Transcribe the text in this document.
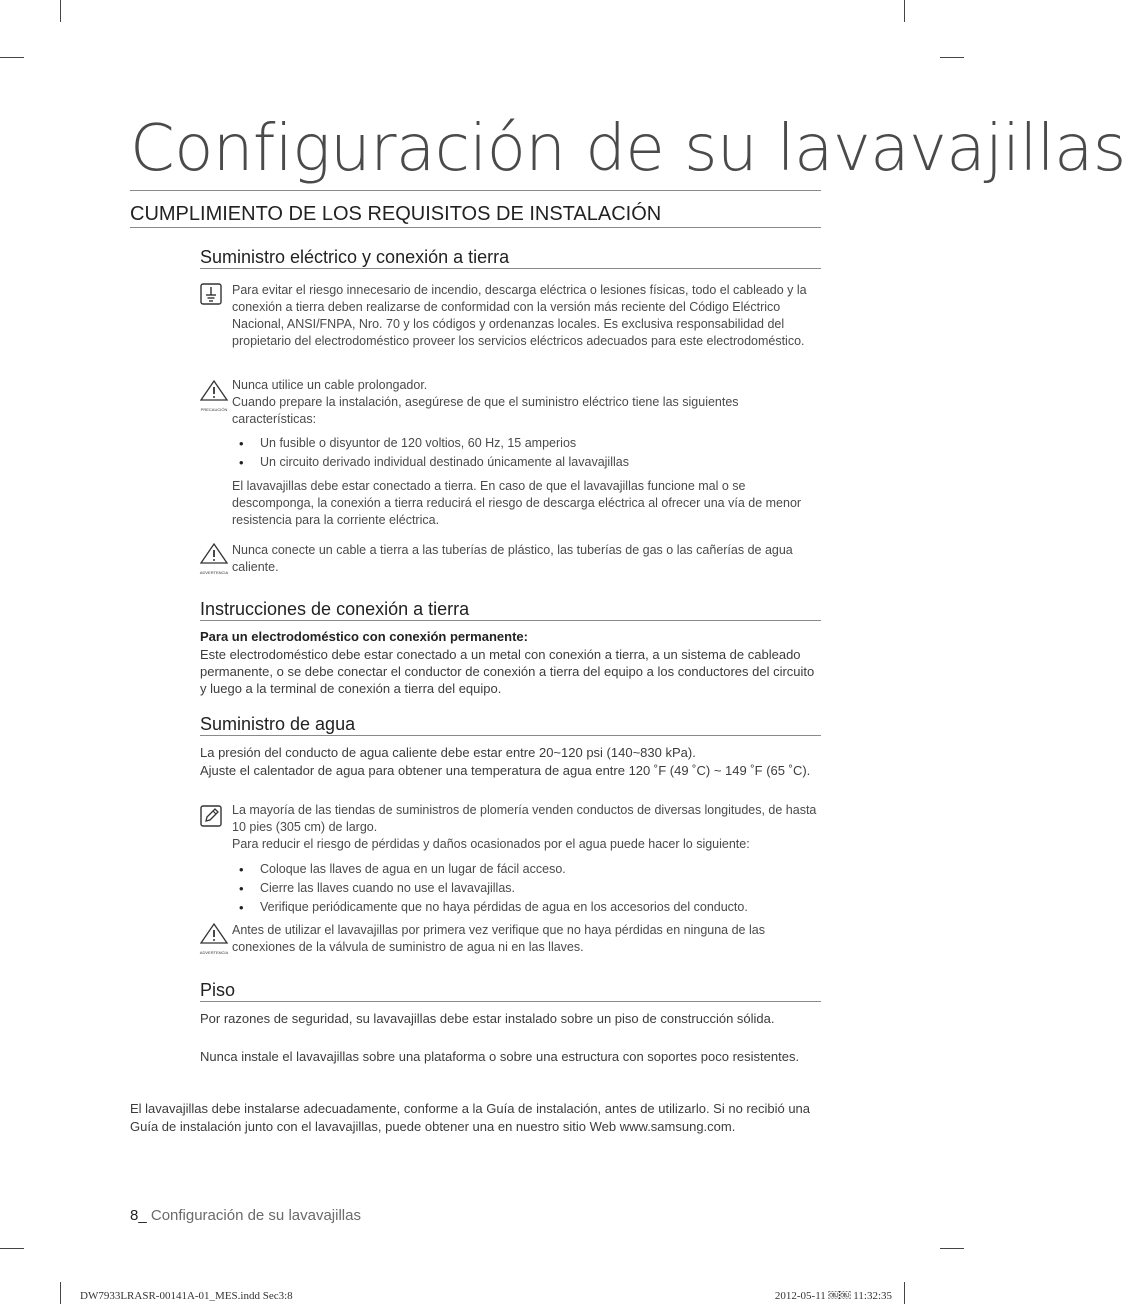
Configuración de su lavavajillas
CUMPLIMIENTO DE LOS REQUISITOS DE INSTALACIÓN
Suministro eléctrico y conexión a tierra
Para evitar el riesgo innecesario de incendio, descarga eléctrica o lesiones físicas, todo el cableado y la conexión a tierra deben realizarse de conformidad con la versión más reciente del Código Eléctrico Nacional, ANSI/FNPA, Nro. 70 y los códigos y ordenanzas locales. Es exclusiva responsabilidad del propietario del electrodoméstico proveer los servicios eléctricos adecuados para este electrodoméstico.
PRECAUCIÓN
Nunca utilice un cable prolongador.
Cuando prepare la instalación, asegúrese de que el suministro eléctrico tiene las siguientes características:
• Un fusible o disyuntor de 120 voltios, 60 Hz, 15 amperios
• Un circuito derivado individual destinado únicamente al lavavajillas
El lavavajillas debe estar conectado a tierra. En caso de que el lavavajillas funcione mal o se descomponga, la conexión a tierra reducirá el riesgo de descarga eléctrica al ofrecer una vía de menor resistencia para la corriente eléctrica.
ADVERTENCIA
Nunca conecte un cable a tierra a las tuberías de plástico, las tuberías de gas o las cañerías de agua caliente.
Instrucciones de conexión a tierra
Para un electrodoméstico con conexión permanente:
Este electrodoméstico debe estar conectado a un metal con conexión a tierra, a un sistema de cableado permanente, o se debe conectar el conductor de conexión a tierra del equipo a los conductores del circuito y luego a la terminal de conexión a tierra del equipo.
Suministro de agua
La presión del conducto de agua caliente debe estar entre 20~120 psi (140~830 kPa).
Ajuste el calentador de agua para obtener una temperatura de agua entre 120 ˚F (49 ˚C) ~ 149 ˚F (65 ˚C).
La mayoría de las tiendas de suministros de plomería venden conductos de diversas longitudes, de hasta 10 pies (305 cm) de largo.
Para reducir el riesgo de pérdidas y daños ocasionados por el agua puede hacer lo siguiente:
• Coloque las llaves de agua en un lugar de fácil acceso.
• Cierre las llaves cuando no use el lavavajillas.
• Verifique periódicamente que no haya pérdidas de agua en los accesorios del conducto.
ADVERTENCIA
Antes de utilizar el lavavajillas por primera vez verifique que no haya pérdidas en ninguna de las conexiones de la válvula de suministro de agua ni en las llaves.
Piso
Por razones de seguridad, su lavavajillas debe estar instalado sobre un piso de construcción sólida.
Nunca instale el lavavajillas sobre una plataforma o sobre una estructura con soportes poco resistentes.
El lavavajillas debe instalarse adecuadamente, conforme a la Guía de instalación, antes de utilizarlo. Si no recibió una Guía de instalación junto con el lavavajillas, puede obtener una en nuestro sitio Web www.samsung.com.
8_ Configuración de su lavavajillas
DW7933LRASR-00141A-01_MES.indd Sec3:8	2012-05-11 ￼￼ 11:32:35
